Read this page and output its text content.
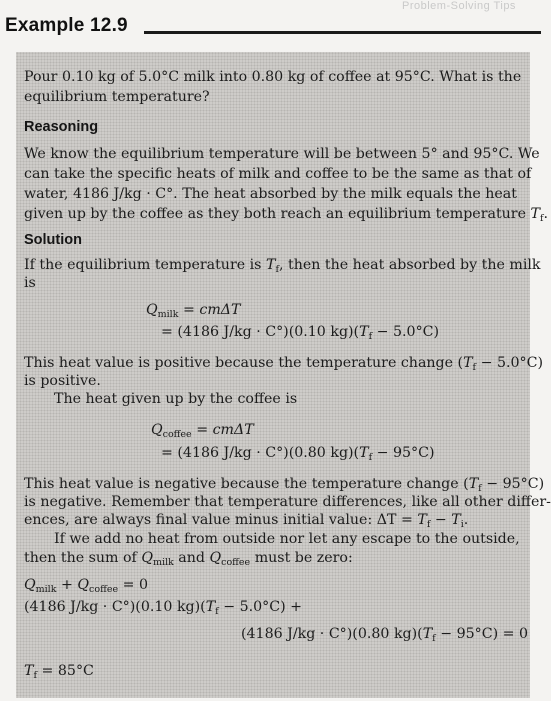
Problem-Solving Tips
Example 12.9
Pour 0.10 kg of 5.0°C milk into 0.80 kg of coffee at 95°C. What is the
equilibrium temperature?
Reasoning
We know the equilibrium temperature will be between 5° and 95°C. We
can take the specific heats of milk and coffee to be the same as that of
water, 4186 J/kg · C°. The heat absorbed by the milk equals the heat
given up by the coffee as they both reach an equilibrium temperature $T_f$.
Solution
If the equilibrium temperature is $T_f$, then the heat absorbed by the milk
is
$Q_{milk} = cm\Delta T$
= (4186 J/kg · C°)(0.10 $kg)(T_f - 5.0^\circ C)$
This heat value is positive because the temperature change $(T_f - 5.0^\circ C)$
is positive.
The heat given up by the coffee is
$Q_{coffee} = cm\Delta T$
= (4186 J/kg · C°)(0.80 $kg)(T_f - 95^\circ C)$
This heat value is negative because the temperature change $(T_f - 95^\circ C)$
is negative. Remember that temperature differences, like all other differ-
ences, are always final value minus initial value: $\Delta T = T_f - T_i$.
If we add no heat from outside nor let any escape to the outside,
then the sum of $Q_{milk}$ and $Q_{coffee}$ must be zero:
$Q_{milk} + Q_{coffee} = 0$
(4186 J/kg · C°)(0.10 $kg)(T_f - 5.0^\circ C)$ +
(4186 J/kg · C°)(0.80 $kg)(T_f - 95^\circ C) = 0$
$T_f = 85^\circ C$
